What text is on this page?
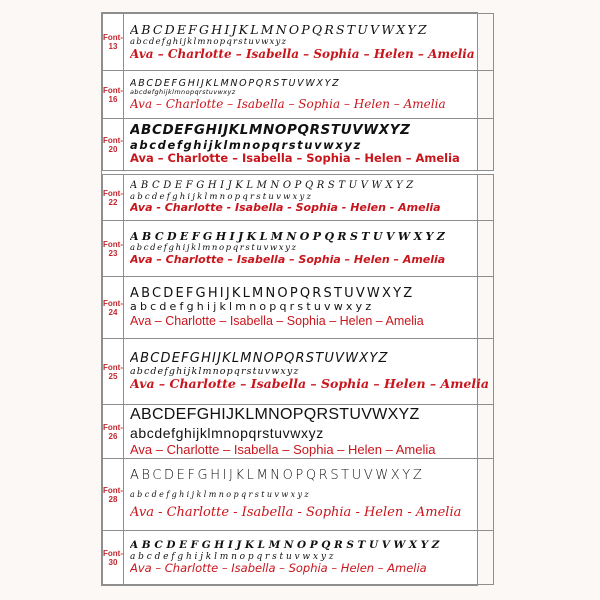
Font-13	ABCDEFGHIJKLMNOPQRSTUVWXYZ
abcdefghijklmnopqrstuvwxyz
Ava – Charlotte – Isabella – Sophia – Helen – Amelia

Font-16	ABCDEFGHIJKLMNOPQRSTUVWXYZ
abcdefghijklmnopqrstuvwxyz
Ava – Charlotte – Isabella – Sophia – Helen – Amelia

Font-20	ABCDEFGHIJKLMNOPQRSTUVWXYZ
abcdefghijklmnopqrstuvwxyz
Ava – Charlotte – Isabella – Sophia – Helen – Amelia

Font-22	ABCDEFGHIJKLMNOPQRSTUVWXYZ
abcdefghijklmnopqrstuvwxyz
Ava - Charlotte - Isabella - Sophia - Helen - Amelia

Font-23	ABCDEFGHIJKLMNOPQRSTUVWXYZ
abcdefghijklmnopqrstuvwxyz
Ava – Charlotte – Isabella – Sophia – Helen – Amelia

Font-24	ABCDEFGHIJKLMNOPQRSTUVWXYZ
abcdefghijklmnopqrstuvwxyz
Ava – Charlotte – Isabella – Sophia – Helen – Amelia

Font-25	ABCDEFGHIJKLMNOPQRSTUVWXYZ
abcdefghijklmnopqrstuvwxyz
Ava – Charlotte – Isabella – Sophia – Helen – Amelia

Font-26	ABCDEFGHIJKLMNOPQRSTUVWXYZ
abcdefghijklmnopqrstuvwxyz
Ava – Charlotte – Isabella – Sophia – Helen – Amelia

Font-28	ABCDEFGHIJKLMNOPQRSTUVWXYZ
abcdefghijklmnopqrstuvwxyz
Ava - Charlotte - Isabella - Sophia - Helen - Amelia

Font- 30	ABCDEFGHIJKLMNOPQRSTUVWXYZ
abcdefghijklmnopqrstuvwxyz
Ava – Charlotte – Isabella – Sophia – Helen – Amelia
